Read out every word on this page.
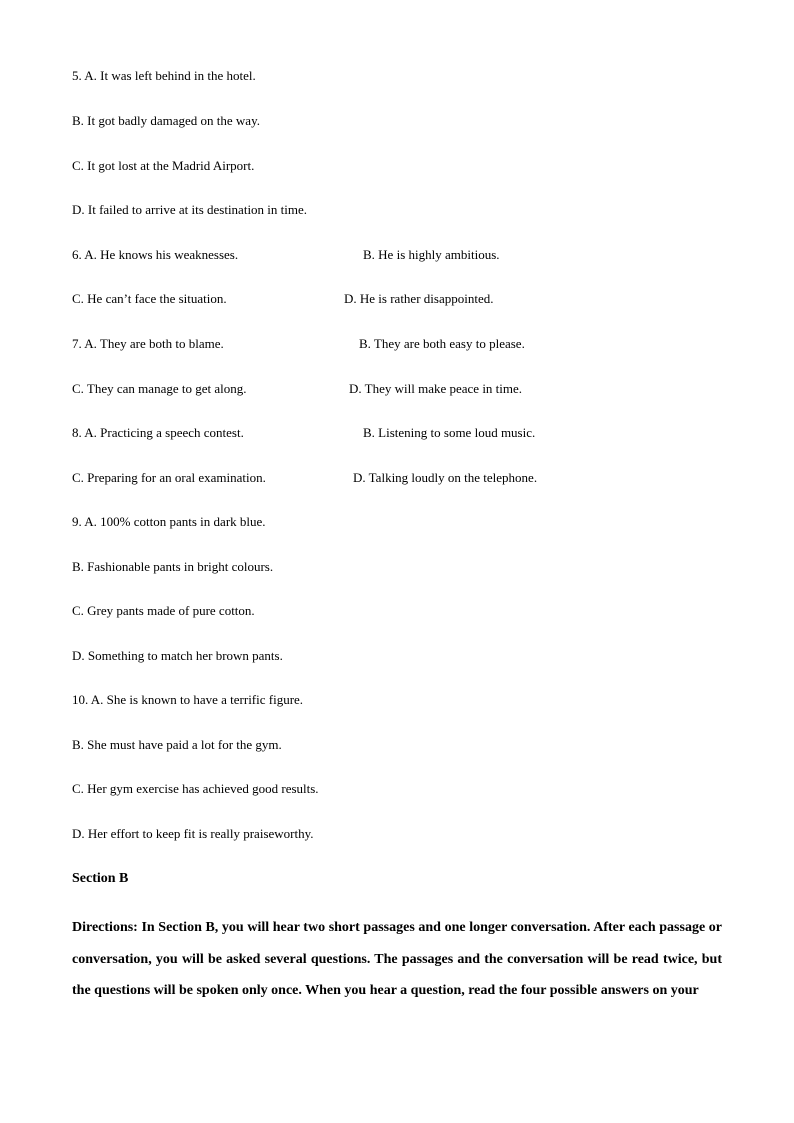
5. A. It was left behind in the hotel.
B. It got badly damaged on the way.
C. It got lost at the Madrid Airport.
D. It failed to arrive at its destination in time.
6. A. He knows his weaknesses.	B. He is highly ambitious.
C. He can’t face the situation.	D. He is rather disappointed.
7. A. They are both to blame.	B. They are both easy to please.
C. They can manage to get along.	D. They will make peace in time.
8. A. Practicing a speech contest.	B. Listening to some loud music.
C. Preparing for an oral examination.	D. Talking loudly on the telephone.
9. A. 100% cotton pants in dark blue.
B. Fashionable pants in bright colours.
C. Grey pants made of pure cotton.
D. Something to match her brown pants.
10. A. She is known to have a terrific figure.
B. She must have paid a lot for the gym.
C. Her gym exercise has achieved good results.
D. Her effort to keep fit is really praiseworthy.
Section B
Directions: In Section B, you will hear two short passages and one longer conversation. After each passage or conversation, you will be asked several questions. The passages and the conversation will be read twice, but the questions will be spoken only once. When you hear a question, read the four possible answers on your
